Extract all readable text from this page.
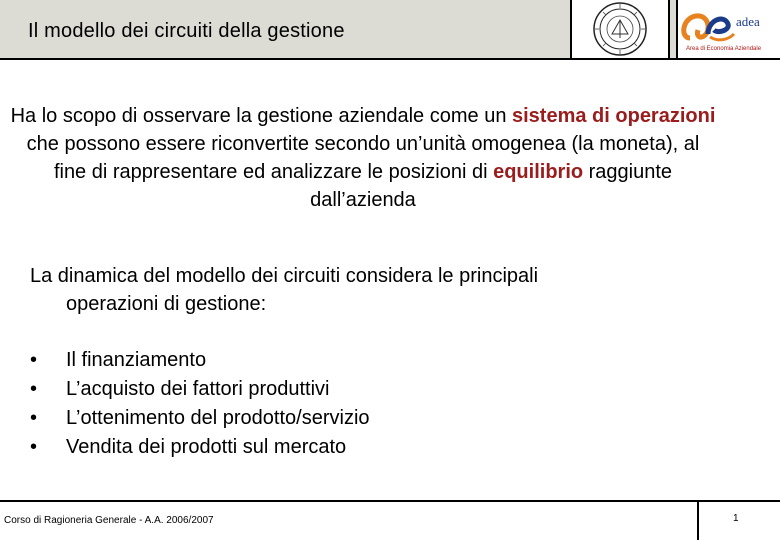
Il modello dei circuiti della gestione	adea
Area di Economia Aziendale
Ha lo scopo di osservare la gestione aziendale come un sistema di operazioni che possono essere riconvertite secondo un’unità omogenea (la moneta), al fine di rappresentare ed analizzare le posizioni di equilibrio raggiunte dall’azienda
La dinamica del modello dei circuiti considera le principali
operazioni di gestione:
•	Il finanziamento
•	L’acquisto dei fattori produttivi
•	L’ottenimento del prodotto/servizio
•	Vendita dei prodotti sul mercato
Corso di Ragioneria Generale - A.A. 2006/2007	1
